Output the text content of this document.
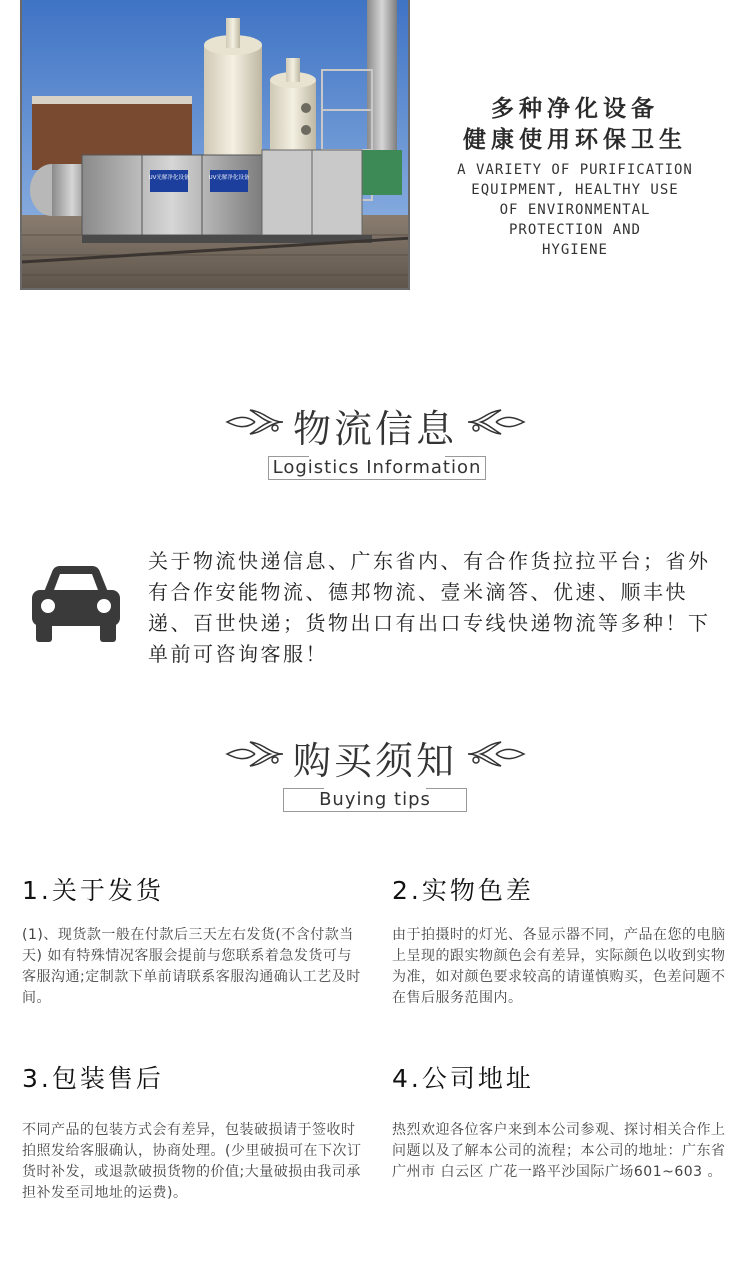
UV光解净化设备	UV光解净化设备
多种净化设备
健康使用环保卫生
A VARIETY OF PURIFICATION
EQUIPMENT, HEALTHY USE
OF ENVIRONMENTAL
PROTECTION AND
HYGIENE
物流信息
Logistics Information
关于物流快递信息、广东省内、有合作货拉拉平台；省外有合作安能物流、德邦物流、壹米滴答、优速、顺丰快递、百世快递；货物出口有出口专线快递物流等多种！下单前可咨询客服！
购买须知
Buying tips
1.关于发货
(1)、现货款一般在付款后三天左右发货(不含付款当天) 如有特殊情况客服会提前与您联系着急发货可与客服沟通;定制款下单前请联系客服沟通确认工艺及时间。
2.实物色差
由于拍摄时的灯光、各显示器不同，产品在您的电脑上呈现的跟实物颜色会有差异，实际颜色以收到实物为准，如对颜色要求较高的请谨慎购买，色差问题不在售后服务范围内。
3.包装售后
不同产品的包装方式会有差异，包装破损请于签收时拍照发给客服确认，协商处理。(少里破损可在下次订货时补发，或退款破损货物的价值;大量破损由我司承担补发至司地址的运费)。
4.公司地址
热烈欢迎各位客户来到本公司参观、探讨相关合作上问题以及了解本公司的流程；本公司的地址：广东省 广州市 白云区 广花一路平沙国际广场601~603 。
